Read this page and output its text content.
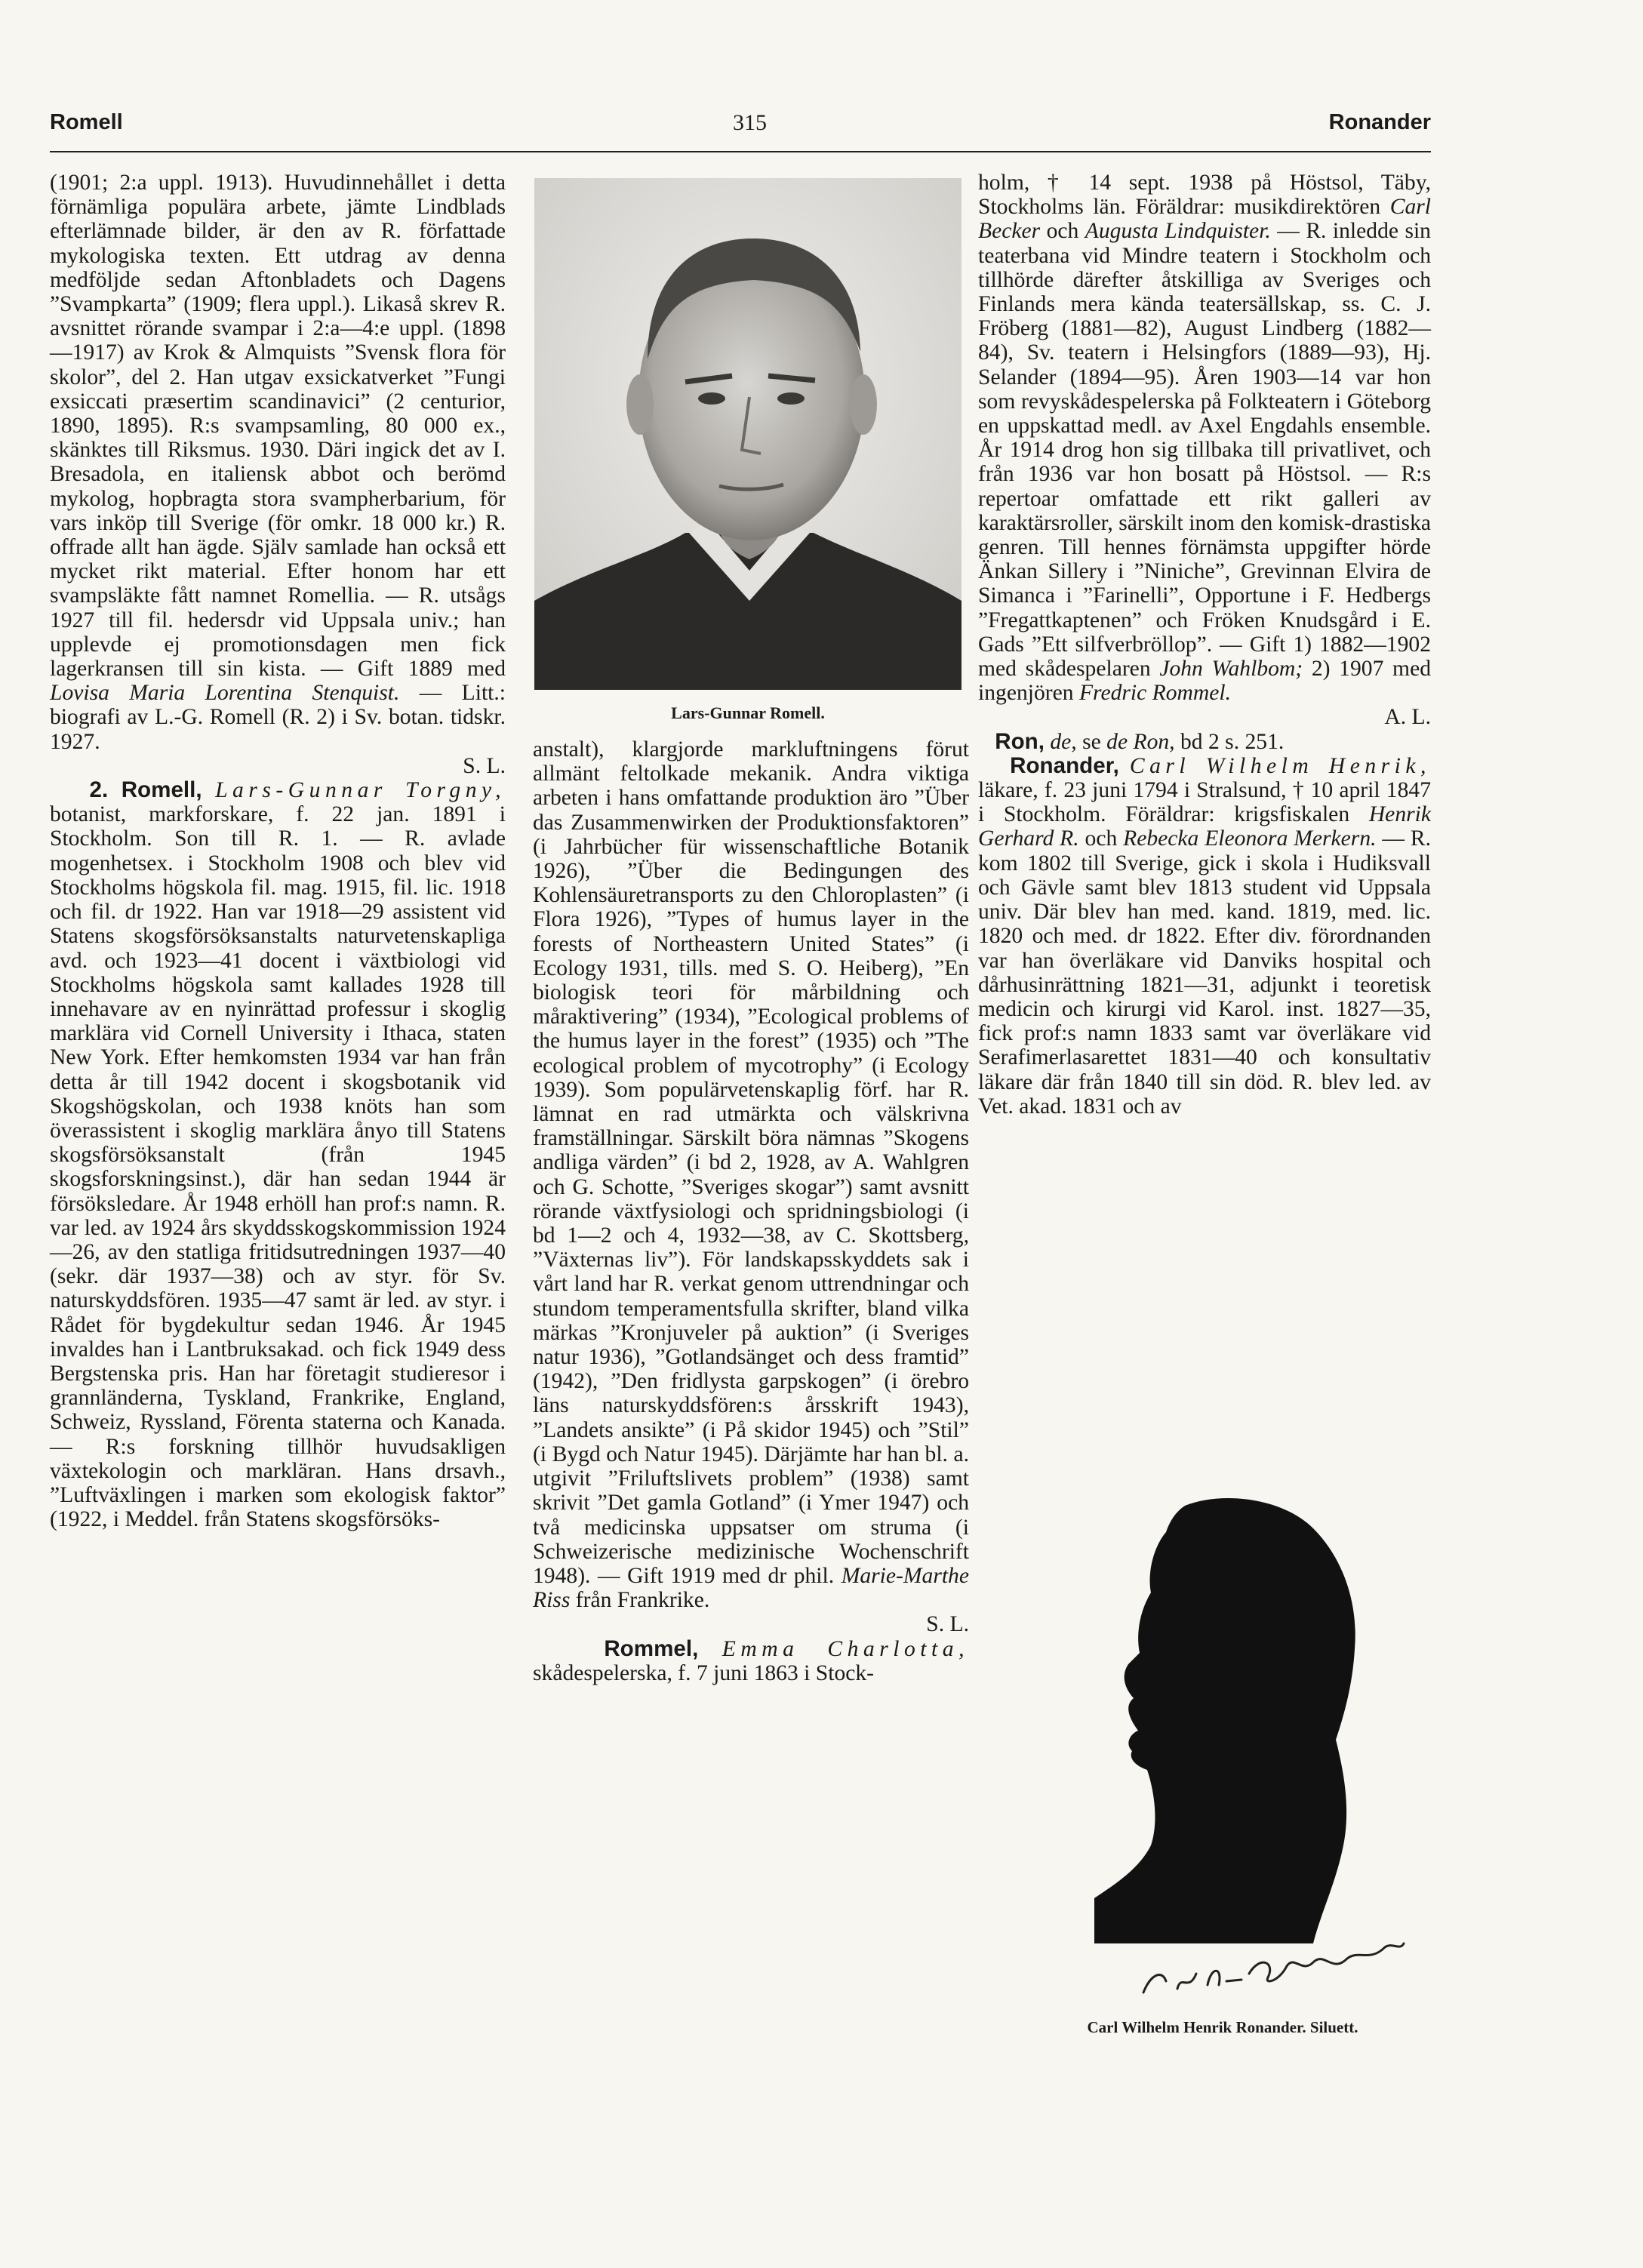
Romell	315	Ronander

(1901; 2:a uppl. 1913). Huvudinnehållet i detta förnämliga populära arbete, jämte Lindblads efterlämnade bilder, är den av R. författade mykologiska texten. Ett utdrag av denna medföljde sedan Aftonbladets och Dagens ”Svampkarta” (1909; flera uppl.). Likaså skrev R. avsnittet rörande svampar i 2:a—4:e uppl. (1898—1917) av Krok & Almquists ”Svensk flora för skolor”, del 2. Han utgav exsickatverket ”Fungi exsiccati præsertim scandinavici” (2 centurior, 1890, 1895). R:s svampsamling, 80 000 ex., skänktes till Riksmus. 1930. Däri ingick det av I. Bresadola, en italiensk abbot och berömd mykolog, hopbragta stora svampherbarium, för vars inköp till Sverige (för omkr. 18 000 kr.) R. offrade allt han ägde. Själv samlade han också ett mycket rikt material. Efter honom har ett svampsläkte fått namnet Romellia. — R. utsågs 1927 till fil. hedersdr vid Uppsala univ.; han upplevde ej promotionsdagen men fick lagerkransen till sin kista. — Gift 1889 med Lovisa Maria Lorentina Stenquist. — Litt.: biografi av L.-G. Romell (R. 2) i Sv. botan. tidskr. 1927.
S. L.

2. Romell, Lars-Gunnar Torgny, botanist, markforskare, f. 22 jan. 1891 i Stockholm. Son till R. 1. — R. avlade mogenhetsex. i Stockholm 1908 och blev vid Stockholms högskola fil. mag. 1915, fil. lic. 1918 och fil. dr 1922. Han var 1918—29 assistent vid Statens skogsförsöksanstalts naturvetenskapliga avd. och 1923—41 docent i växtbiologi vid Stockholms högskola samt kallades 1928 till innehavare av en nyinrättad professur i skoglig marklära vid Cornell University i Ithaca, staten New York. Efter hemkomsten 1934 var han från detta år till 1942 docent i skogsbotanik vid Skogshögskolan, och 1938 knöts han som överassistent i skoglig marklära ånyo till Statens skogsförsöksanstalt (från 1945 skogsforskningsinst.), där han sedan 1944 är försöksledare. År 1948 erhöll han prof:s namn. R. var led. av 1924 års skyddsskogskommission 1924—26, av den statliga fritidsutredningen 1937—40 (sekr. där 1937—38) och av styr. för Sv. naturskyddsfören. 1935—47 samt är led. av styr. i Rådet för bygdekultur sedan 1946. År 1945 invaldes han i Lantbruksakad. och fick 1949 dess Bergstenska pris. Han har företagit studieresor i grannländerna, Tyskland, Frankrike, England, Schweiz, Ryssland, Förenta staterna och Kanada. — R:s forskning tillhör huvudsakligen växtekologin och markläran. Hans drsavh., ”Luftväxlingen i marken som ekologisk faktor” (1922, i Meddel. från Statens skogsförsöks-

Lars-Gunnar Romell.

anstalt), klargjorde markluftningens förut allmänt feltolkade mekanik. Andra viktiga arbeten i hans omfattande produktion äro ”Über das Zusammenwirken der Produktionsfaktoren” (i Jahrbücher für wissenschaftliche Botanik 1926), ”Über die Bedingungen des Kohlensäuretransports zu den Chloroplasten” (i Flora 1926), ”Types of humus layer in the forests of Northeastern United States” (i Ecology 1931, tills. med S. O. Heiberg), ”En biologisk teori för mårbildning och måraktivering” (1934), ”Ecological problems of the humus layer in the forest” (1935) och ”The ecological problem of mycotrophy” (i Ecology 1939). Som populärvetenskaplig förf. har R. lämnat en rad utmärkta och välskrivna framställningar. Särskilt böra nämnas ”Skogens andliga värden” (i bd 2, 1928, av A. Wahlgren och G. Schotte, ”Sveriges skogar”) samt avsnitt rörande växtfysiologi och spridningsbiologi (i bd 1—2 och 4, 1932—38, av C. Skottsberg, ”Växternas liv”). För landskapsskyddets sak i vårt land har R. verkat genom uttrendningar och stundom temperamentsfulla skrifter, bland vilka märkas ”Kronjuveler på auktion” (i Sveriges natur 1936), ”Gotlandsänget och dess framtid” (1942), ”Den fridlysta garpskogen” (i örebro läns naturskyddsfören:s årsskrift 1943), ”Landets ansikte” (i På skidor 1945) och ”Stil” (i Bygd och Natur 1945). Därjämte har han bl. a. utgivit ”Friluftslivets problem” (1938) samt skrivit ”Det gamla Gotland” (i Ymer 1947) och två medicinska uppsatser om struma (i Schweizerische medizinische Wochenschrift 1948). — Gift 1919 med dr phil. Marie-Marthe Riss från Frankrike.
S. L.

Rommel, Emma Charlotta, skådespelerska, f. 7 juni 1863 i Stock-

holm, † 14 sept. 1938 på Höstsol, Täby, Stockholms län. Föräldrar: musikdirektören Carl Becker och Augusta Lindquister. — R. inledde sin teaterbana vid Mindre teatern i Stockholm och tillhörde därefter åtskilliga av Sveriges och Finlands mera kända teatersällskap, ss. C. J. Fröberg (1881—82), August Lindberg (1882—84), Sv. teatern i Helsingfors (1889—93), Hj. Selander (1894—95). Åren 1903—14 var hon som revyskådespelerska på Folkteatern i Göteborg en uppskattad medl. av Axel Engdahls ensemble. År 1914 drog hon sig tillbaka till privatlivet, och från 1936 var hon bosatt på Höstsol. — R:s repertoar omfattade ett rikt galleri av karaktärsroller, särskilt inom den komisk-drastiska genren. Till hennes förnämsta uppgifter hörde Änkan Sillery i ”Niniche”, Grevinnan Elvira de Simanca i ”Farinelli”, Opportune i F. Hedbergs ”Fregattkaptenen” och Fröken Knudsgård i E. Gads ”Ett silfverbröllop”. — Gift 1) 1882—1902 med skådespelaren John Wahlbom; 2) 1907 med ingenjören Fredric Rommel.
A. L.

Ron, de, se de Ron, bd 2 s. 251.

Ronander, Carl Wilhelm Henrik, läkare, f. 23 juni 1794 i Stralsund, † 10 april 1847 i Stockholm. Föräldrar: krigsfiskalen Henrik Gerhard R. och Rebecka Eleonora Merkern. — R. kom 1802 till Sverige, gick i skola i Hudiksvall och Gävle samt blev 1813 student vid Uppsala univ. Där blev han med. kand. 1819, med. lic. 1820 och med. dr 1822. Efter div. förordnanden var han överläkare vid Danviks hospital och dårhusinrättning 1821—31, adjunkt i teoretisk medicin och kirurgi vid Karol. inst. 1827—35, fick prof:s namn 1833 samt var överläkare vid Serafimerlasarettet 1831—40 och konsultativ läkare där från 1840 till sin död. R. blev led. av Vet. akad. 1831 och av

Carl Wilhelm Henrik Ronander. Siluett.
